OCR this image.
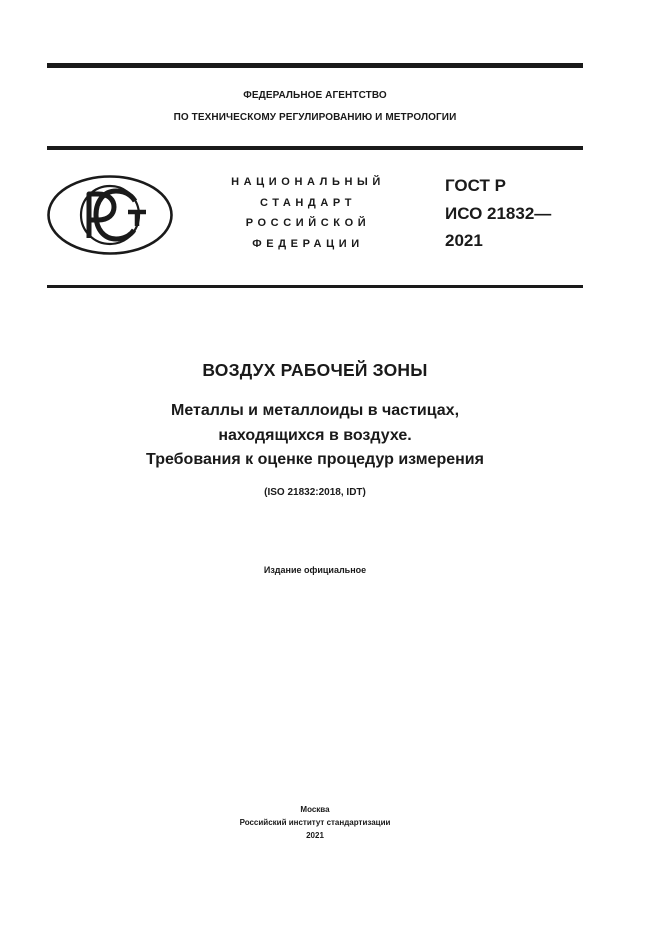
ФЕДЕРАЛЬНОЕ АГЕНТСТВО
ПО ТЕХНИЧЕСКОМУ РЕГУЛИРОВАНИЮ И МЕТРОЛОГИИ
НАЦИОНАЛЬНЫЙ
СТАНДАРТ
РОССИЙСКОЙ
ФЕДЕРАЦИИ
ГОСТ Р
ИСО 21832—
2021
ВОЗДУХ РАБОЧЕЙ ЗОНЫ
Металлы и металлоиды в частицах,
находящихся в воздухе.
Требования к оценке процедур измерения
(ISO 21832:2018, IDT)
Издание официальное
Москва
Российский институт стандартизации
2021
